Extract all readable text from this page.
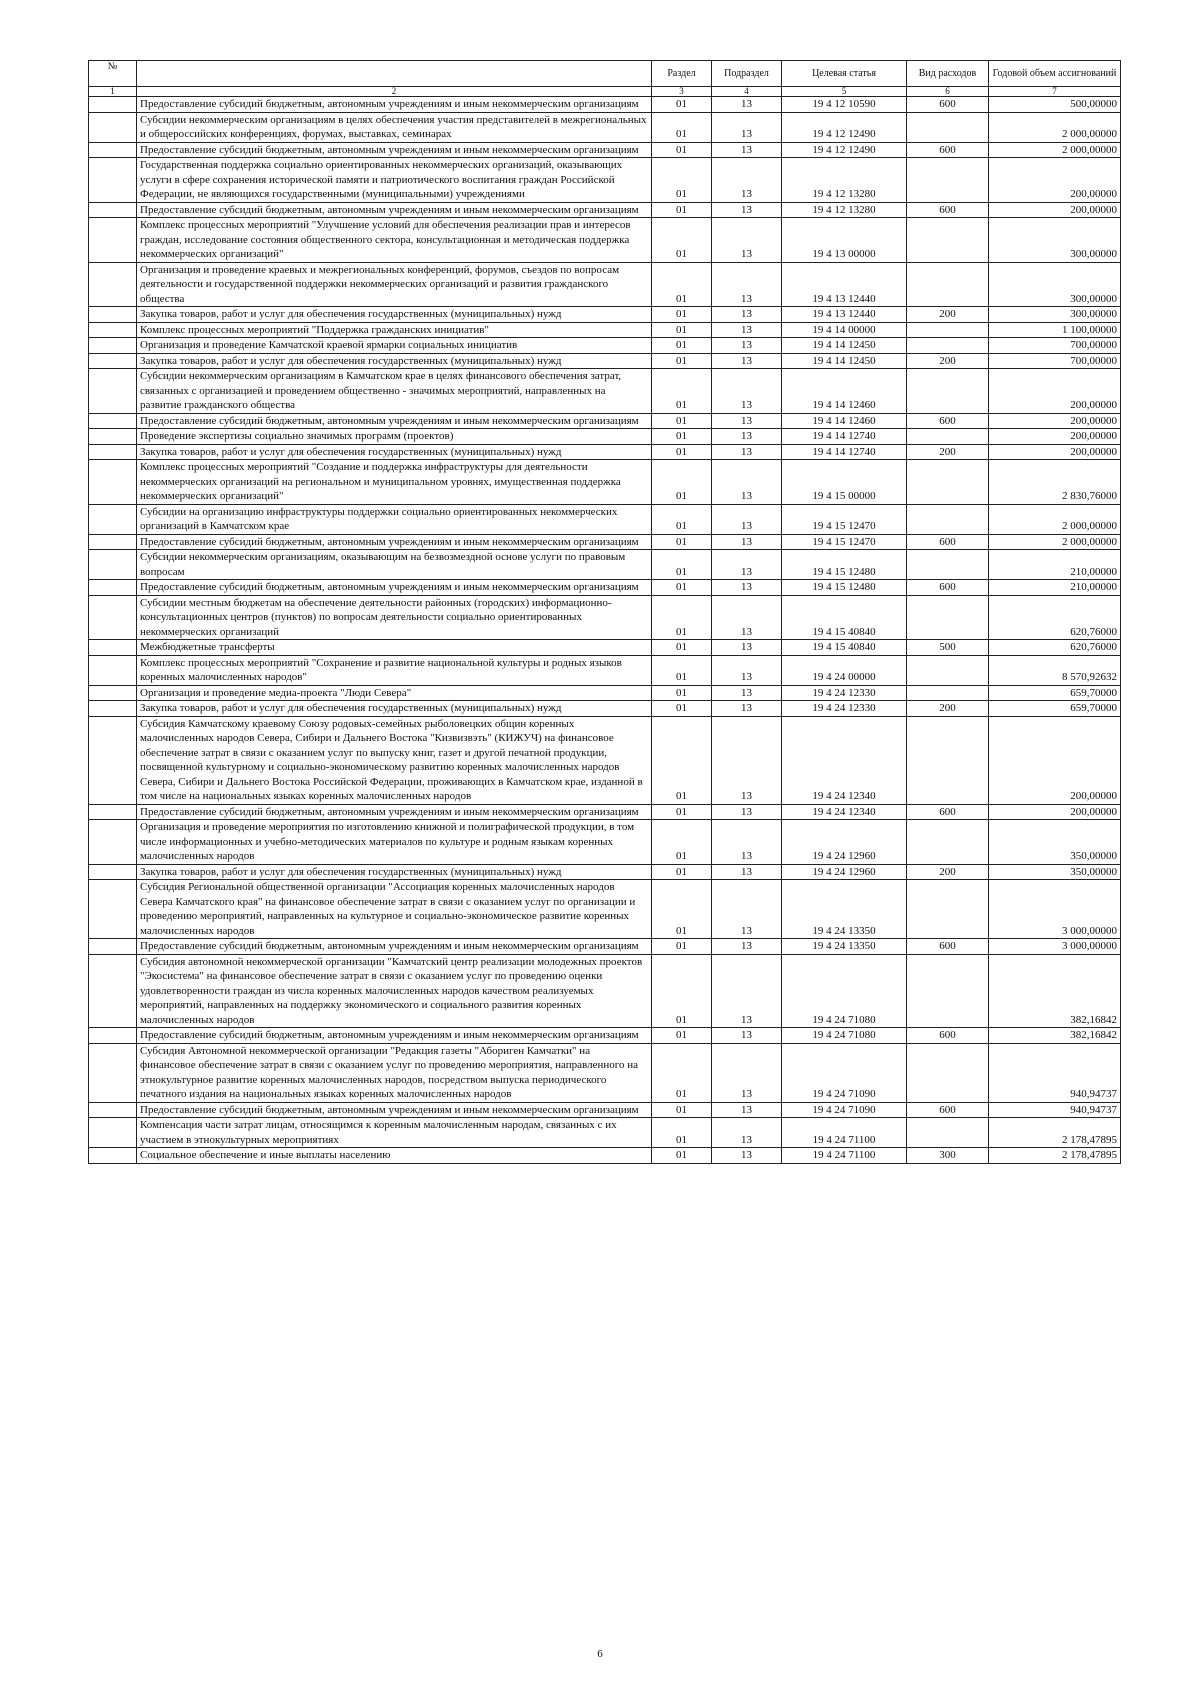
№		Раздел	Подраздел	Целевая статья	Вид расходов	Годовой объем ассигнований
1	2	3	4	5	6	7
	Предоставление субсидий бюджетным, автономным учреждениям и иным некоммерческим организациям	01	13	19 4 12 10590	600	500,00000
	Субсидии некоммерческим организациям в целях обеспечения участия представителей в межрегиональных и общероссийских конференциях, форумах, выставках, семинарах	01	13	19 4 12 12490		2 000,00000
	Предоставление субсидий бюджетным, автономным учреждениям и иным некоммерческим организациям	01	13	19 4 12 12490	600	2 000,00000
	Государственная поддержка социально ориентированных некоммерческих организаций, оказывающих услуги в сфере сохранения исторической памяти и патриотического воспитания граждан Российской Федерации, не являющихся государственными (муниципальными) учреждениями	01	13	19 4 12 13280		200,00000
	Предоставление субсидий бюджетным, автономным учреждениям и иным некоммерческим организациям	01	13	19 4 12 13280	600	200,00000
	Комплекс процессных мероприятий "Улучшение условий для обеспечения реализации прав и интересов граждан, исследование состояния общественного сектора, консультационная и методическая поддержка некоммерческих организаций"	01	13	19 4 13 00000		300,00000
	Организация и проведение краевых и межрегиональных конференций, форумов, съездов по вопросам деятельности и государственной поддержки некоммерческих организаций и развития гражданского общества	01	13	19 4 13 12440		300,00000
	Закупка товаров, работ и услуг для обеспечения государственных (муниципальных) нужд	01	13	19 4 13 12440	200	300,00000
	Комплекс процессных мероприятий "Поддержка гражданских инициатив"	01	13	19 4 14 00000		1 100,00000
	Организация и проведение Камчатской краевой ярмарки социальных инициатив	01	13	19 4 14 12450		700,00000
	Закупка товаров, работ и услуг для обеспечения государственных (муниципальных) нужд	01	13	19 4 14 12450	200	700,00000
	Субсидии некоммерческим организациям в Камчатском крае в целях финансового обеспечения затрат, связанных с организацией и проведением общественно - значимых мероприятий, направленных на развитие гражданского общества	01	13	19 4 14 12460		200,00000
	Предоставление субсидий бюджетным, автономным учреждениям и иным некоммерческим организациям	01	13	19 4 14 12460	600	200,00000
	Проведение экспертизы социально значимых программ (проектов)	01	13	19 4 14 12740		200,00000
	Закупка товаров, работ и услуг для обеспечения государственных (муниципальных) нужд	01	13	19 4 14 12740	200	200,00000
	Комплекс процессных мероприятий "Создание и поддержка инфраструктуры для деятельности некоммерческих организаций на региональном и муниципальном уровнях, имущественная поддержка некоммерческих организаций"	01	13	19 4 15 00000		2 830,76000
	Субсидии на организацию инфраструктуры поддержки социально ориентированных некоммерческих организаций в Камчатском крае	01	13	19 4 15 12470		2 000,00000
	Предоставление субсидий бюджетным, автономным учреждениям и иным некоммерческим организациям	01	13	19 4 15 12470	600	2 000,00000
	Субсидии некоммерческим организациям, оказывающим на безвозмездной основе услуги по правовым вопросам	01	13	19 4 15 12480		210,00000
	Предоставление субсидий бюджетным, автономным учреждениям и иным некоммерческим организациям	01	13	19 4 15 12480	600	210,00000
	Субсидии местным бюджетам на обеспечение деятельности районных (городских) информационно-консультационных центров (пунктов) по вопросам деятельности социально ориентированных некоммерческих организаций	01	13	19 4 15 40840		620,76000
	Межбюджетные трансферты	01	13	19 4 15 40840	500	620,76000
	Комплекс процессных мероприятий "Сохранение и развитие национальной культуры и родных языков коренных малочисленных народов"	01	13	19 4 24 00000		8 570,92632
	Организация и проведение медиа-проекта "Люди Севера"	01	13	19 4 24 12330		659,70000
	Закупка товаров, работ и услуг для обеспечения государственных (муниципальных) нужд	01	13	19 4 24 12330	200	659,70000
	Субсидия Камчатскому краевому Союзу родовых-семейных рыболовецких общин коренных малочисленных народов Севера, Сибири и Дальнего Востока "Кизвизвэть" (КИЖУЧ) на финансовое обеспечение затрат в связи с оказанием услуг по выпуску книг, газет и другой печатной продукции, посвященной культурному и социально-экономическому развитию коренных малочисленных народов Севера, Сибири и Дальнего Востока Российской Федерации, проживающих в Камчатском крае, изданной в том числе на национальных языках коренных малочисленных народов	01	13	19 4 24 12340		200,00000
	Предоставление субсидий бюджетным, автономным учреждениям и иным некоммерческим организациям	01	13	19 4 24 12340	600	200,00000
	Организация и проведение мероприятия по изготовлению книжной и полиграфической продукции, в том числе информационных и учебно-методических материалов по культуре и родным языкам коренных малочисленных народов	01	13	19 4 24 12960		350,00000
	Закупка товаров, работ и услуг для обеспечения государственных (муниципальных) нужд	01	13	19 4 24 12960	200	350,00000
	Субсидия Региональной общественной организации "Ассоциация коренных малочисленных народов Севера Камчатского края" на финансовое обеспечение затрат в связи с оказанием услуг по организации и проведению мероприятий, направленных на культурное и социально-экономическое развитие коренных малочисленных народов	01	13	19 4 24 13350		3 000,00000
	Предоставление субсидий бюджетным, автономным учреждениям и иным некоммерческим организациям	01	13	19 4 24 13350	600	3 000,00000
	Субсидия автономной некоммерческой организации "Камчатский центр реализации молодежных проектов "Экосистема" на финансовое обеспечение затрат в связи с оказанием услуг по проведению оценки удовлетворенности граждан из числа коренных малочисленных народов качеством реализуемых мероприятий, направленных на поддержку экономического и социального развития коренных малочисленных народов	01	13	19 4 24 71080		382,16842
	Предоставление субсидий бюджетным, автономным учреждениям и иным некоммерческим организациям	01	13	19 4 24 71080	600	382,16842
	Субсидия Автономной некоммерческой организации "Редакция газеты "Абориген Камчатки" на финансовое обеспечение затрат в связи с оказанием услуг по проведению мероприятия, направленного на этнокультурное развитие коренных малочисленных народов, посредством выпуска периодического печатного издания на национальных языках коренных малочисленных народов	01	13	19 4 24 71090		940,94737
	Предоставление субсидий бюджетным, автономным учреждениям и иным некоммерческим организациям	01	13	19 4 24 71090	600	940,94737
	Компенсация части затрат лицам, относящимся к коренным малочисленным народам, связанных с их участием в этнокультурных мероприятиях	01	13	19 4 24 71100		2 178,47895
	Социальное обеспечение и иные выплаты населению	01	13	19 4 24 71100	300	2 178,47895
6
